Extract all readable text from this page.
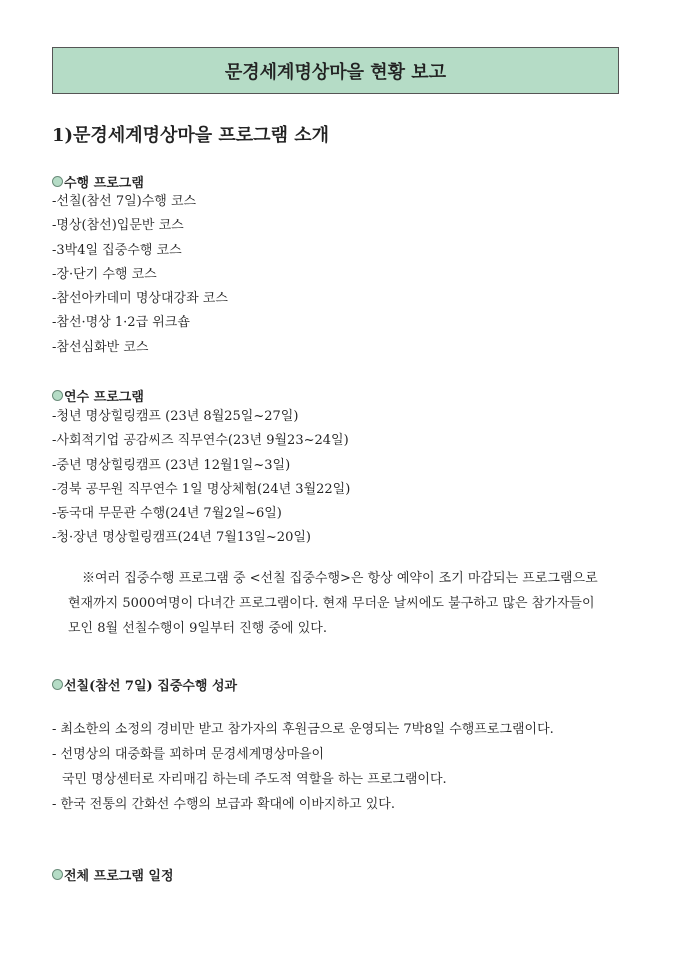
문경세계명상마을 현황 보고
1)문경세계명상마을 프로그램 소개
수행 프로그램
-선칠(참선 7일)수행 코스
-명상(참선)입문반 코스
-3박4일 집중수행 코스
-장·단기 수행 코스
-참선아카데미 명상대강좌 코스
-참선·명상 1·2급 위크숍
-참선심화반 코스
연수 프로그램
-청년 명상힐링캠프 (23년 8월25일~27일)
-사회적기업 공감씨즈 직무연수(23년 9월23~24일)
-중년 명상힐링캠프 (23년 12월1일~3일)
-경북 공무원 직무연수 1일 명상체험(24년 3월22일)
-동국대 무문관 수행(24년 7월2일~6일)
-청·장년 명상힐링캠프(24년 7월13일~20일)

※여러 집중수행 프로그램 중 <선칠 집중수행>은 항상 예약이 조기 마감되는 프로그램으로

현재까지 5000여명이 다녀간 프로그램이다. 현재 무더운 날씨에도 불구하고 많은 참가자들이

모인 8월 선칠수행이 9일부터 진행 중에 있다.

선칠(참선 7일) 집중수행 성과

- 최소한의 소정의 경비만 받고 참가자의 후원금으로 운영되는 7박8일 수행프로그램이다.

- 선명상의 대중화를 꾀하며 문경세계명상마을이

국민 명상센터로 자리매김 하는데 주도적 역할을 하는 프로그램이다.

- 한국 전통의 간화선 수행의 보급과 확대에 이바지하고 있다.

전체 프로그램 일정
